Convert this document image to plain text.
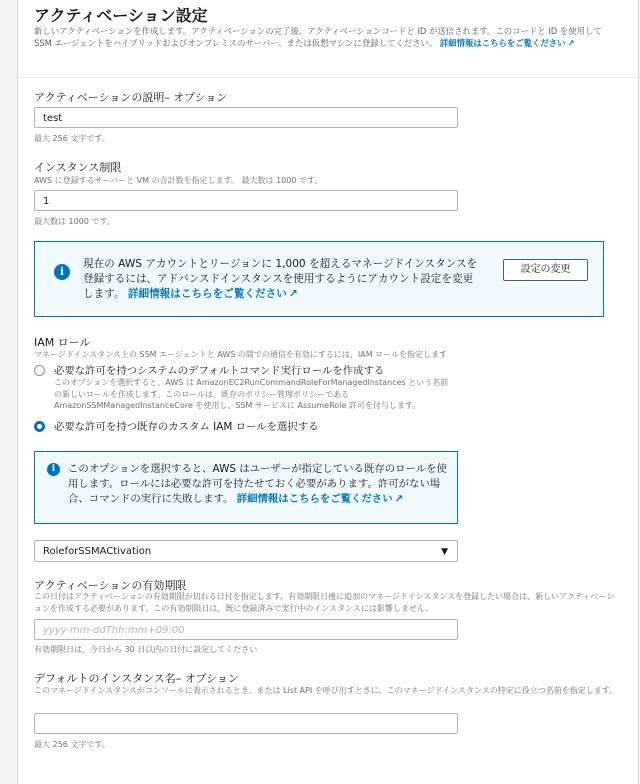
アクティベーション設定
新しいアクティベーションを作成します。アクティベーションの完了後、アクティベーションコードと ID が送信されます。このコードと ID を使用して SSM エージェントをハイブリッドおよびオンプレミスのサーバー、または仮想マシンに登録してください。 詳細情報はこちらをご覧ください ↗
アクティベーションの説明– オプション
test
最大 256 文字です。
インスタンス制限
AWS に登録するサーバーと VM の合計数を指定します。 最大数は 1000 です。
1
最大数は 1000 です。
i
現在の AWS アカウントとリージョンに 1,000 を超えるマネージドインスタンスを登録するには、アドバンスドインスタンスを使用するようにアカウント設定を変更します。 詳細情報はこちらをご覧ください ↗
設定の変更
IAM ロール
マネージドインスタンス上の SSM エージェントと AWS の間での通信を有効にするには、IAM ロールを指定します
必要な許可を持つシステムのデフォルトコマンド実行ロールを作成する
このオプションを選択すると、AWS は AmazonEC2RunCommandRoleForManagedInstances という名前の新しいロールを作成します。このロールは、既存のポリシー管理ポリシーである AmazonSSMManagedInstanceCore を使用し、SSM サービスに AssumeRole 許可を付与します。
必要な許可を持つ既存のカスタム IAM ロールを選択する
i	このオプションを選択すると、AWS はユーザーが指定している既存のロールを使用します。ロールには必要な許可を持たせておく必要があります。許可がない場合、コマンドの実行に失敗します。 詳細情報はこちらをご覧ください ↗
RoleforSSMACtivation	▼
アクティベーションの有効期限
この日付はアクティベーションの有効期限が切れる日付を指定します。有効期限日後に追加のマネージドインスタンスを登録したい場合は、新しいアクティベーションを作成する必要があります。この有効期限日は、既に登録済みで実行中のインスタンスには影響しません。
yyyy-mm-ddThh:mm+09:00
有効期限日は、今日から 30 日以内の日付に設定してください
デフォルトのインスタンス名– オプション
このマネージドインスタンスがコンソールに表示されるとき、または List API を呼び出すときに、このマネージドインスタンスの特定に役立つ名前を指定します。
最大 256 文字です。
